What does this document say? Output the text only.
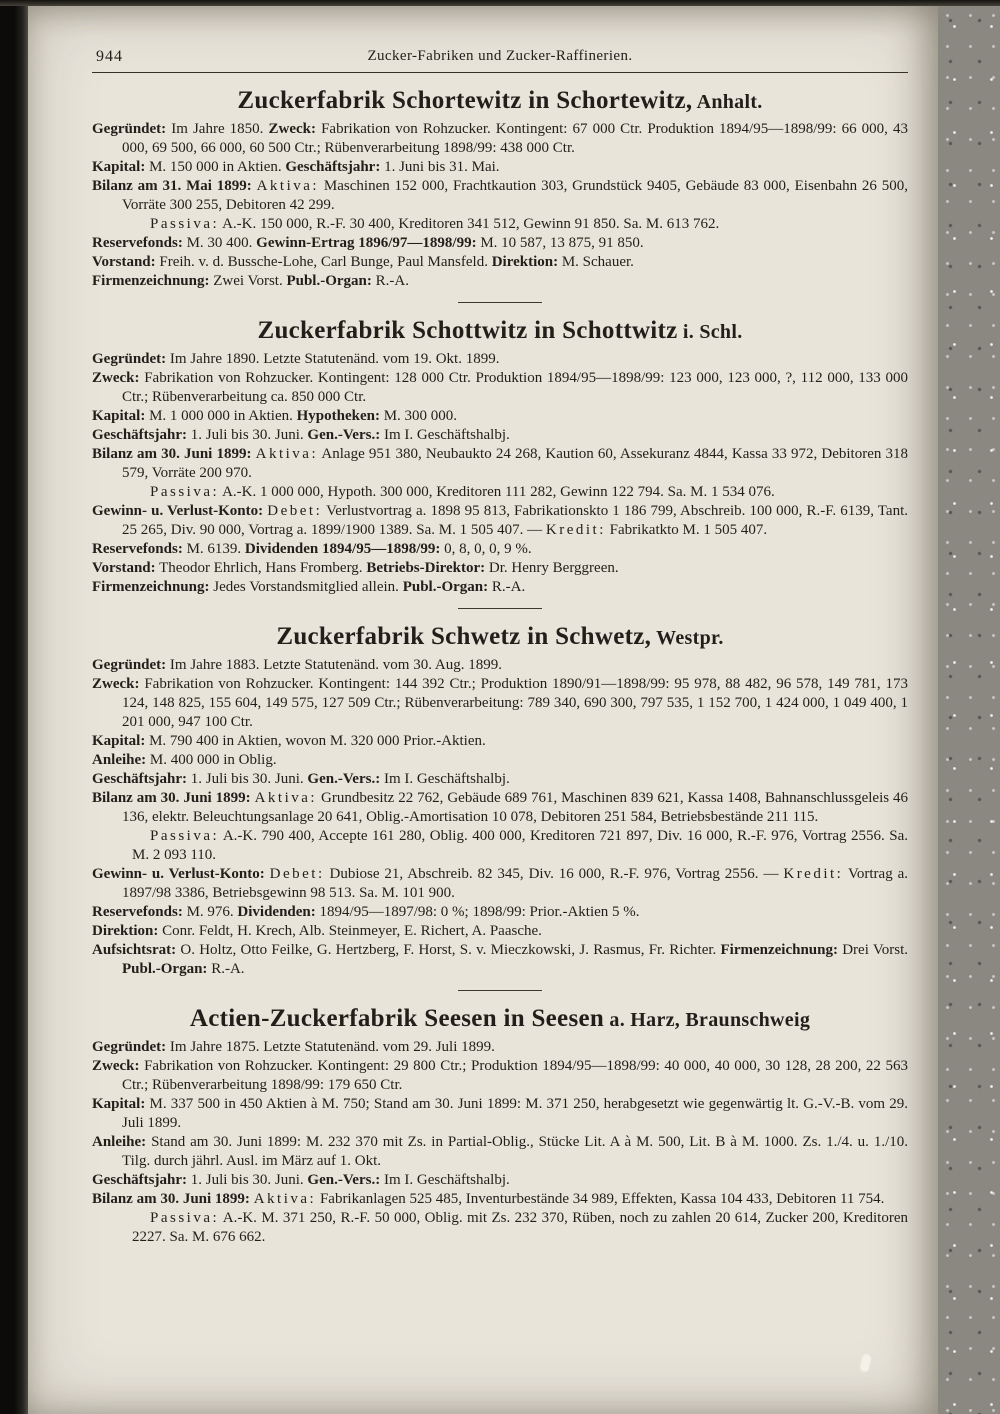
944	Zucker-Fabriken und Zucker-Raffinerien.
Zuckerfabrik Schortewitz in Schortewitz, Anhalt.

Gegründet: Im Jahre 1850. Zweck: Fabrikation von Rohzucker. Kontingent: 67 000 Ctr. Produktion 1894/95—1898/99: 66 000, 43 000, 69 500, 66 000, 60 500 Ctr.; Rübenverarbeitung 1898/99: 438 000 Ctr.

Kapital: M. 150 000 in Aktien. Geschäftsjahr: 1. Juni bis 31. Mai.

Bilanz am 31. Mai 1899: Aktiva: Maschinen 152 000, Frachtkaution 303, Grundstück 9405, Gebäude 83 000, Eisenbahn 26 500, Vorräte 300 255, Debitoren 42 299.

Passiva: A.-K. 150 000, R.-F. 30 400, Kreditoren 341 512, Gewinn 91 850. Sa. M. 613 762.

Reservefonds: M. 30 400. Gewinn-Ertrag 1896/97—1898/99: M. 10 587, 13 875, 91 850.

Vorstand: Freih. v. d. Bussche-Lohe, Carl Bunge, Paul Mansfeld. Direktion: M. Schauer.

Firmenzeichnung: Zwei Vorst. Publ.-Organ: R.-A.

Zuckerfabrik Schottwitz in Schottwitz i. Schl.

Gegründet: Im Jahre 1890. Letzte Statutenänd. vom 19. Okt. 1899.

Zweck: Fabrikation von Rohzucker. Kontingent: 128 000 Ctr. Produktion 1894/95—1898/99: 123 000, 123 000, ?, 112 000, 133 000 Ctr.; Rübenverarbeitung ca. 850 000 Ctr.

Kapital: M. 1 000 000 in Aktien. Hypotheken: M. 300 000.

Geschäftsjahr: 1. Juli bis 30. Juni. Gen.-Vers.: Im I. Geschäftshalbj.

Bilanz am 30. Juni 1899: Aktiva: Anlage 951 380, Neubaukto 24 268, Kaution 60, Assekuranz 4844, Kassa 33 972, Debitoren 318 579, Vorräte 200 970.

Passiva: A.-K. 1 000 000, Hypoth. 300 000, Kreditoren 111 282, Gewinn 122 794. Sa. M. 1 534 076.

Gewinn- u. Verlust-Konto: Debet: Verlustvortrag a. 1898 95 813, Fabrikationskto 1 186 799, Abschreib. 100 000, R.-F. 6139, Tant. 25 265, Div. 90 000, Vortrag a. 1899/1900 1389. Sa. M. 1 505 407. — Kredit: Fabrikatkto M. 1 505 407.

Reservefonds: M. 6139. Dividenden 1894/95—1898/99: 0, 8, 0, 0, 9 %.

Vorstand: Theodor Ehrlich, Hans Fromberg. Betriebs-Direktor: Dr. Henry Berggreen.

Firmenzeichnung: Jedes Vorstandsmitglied allein. Publ.-Organ: R.-A.

Zuckerfabrik Schwetz in Schwetz, Westpr.

Gegründet: Im Jahre 1883. Letzte Statutenänd. vom 30. Aug. 1899.

Zweck: Fabrikation von Rohzucker. Kontingent: 144 392 Ctr.; Produktion 1890/91—1898/99: 95 978, 88 482, 96 578, 149 781, 173 124, 148 825, 155 604, 149 575, 127 509 Ctr.; Rübenverarbeitung: 789 340, 690 300, 797 535, 1 152 700, 1 424 000, 1 049 400, 1 201 000, 947 100 Ctr.

Kapital: M. 790 400 in Aktien, wovon M. 320 000 Prior.-Aktien.

Anleihe: M. 400 000 in Oblig.

Geschäftsjahr: 1. Juli bis 30. Juni. Gen.-Vers.: Im I. Geschäftshalbj.

Bilanz am 30. Juni 1899: Aktiva: Grundbesitz 22 762, Gebäude 689 761, Maschinen 839 621, Kassa 1408, Bahnanschlussgeleis 46 136, elektr. Beleuchtungsanlage 20 641, Oblig.-Amortisation 10 078, Debitoren 251 584, Betriebsbestände 211 115.

Passiva: A.-K. 790 400, Accepte 161 280, Oblig. 400 000, Kreditoren 721 897, Div. 16 000, R.-F. 976, Vortrag 2556. Sa. M. 2 093 110.

Gewinn- u. Verlust-Konto: Debet: Dubiose 21, Abschreib. 82 345, Div. 16 000, R.-F. 976, Vortrag 2556. — Kredit: Vortrag a. 1897/98 3386, Betriebsgewinn 98 513. Sa. M. 101 900.

Reservefonds: M. 976. Dividenden: 1894/95—1897/98: 0 %; 1898/99: Prior.-Aktien 5 %.

Direktion: Conr. Feldt, H. Krech, Alb. Steinmeyer, E. Richert, A. Paasche.

Aufsichtsrat: O. Holtz, Otto Feilke, G. Hertzberg, F. Horst, S. v. Mieczkowski, J. Rasmus, Fr. Richter. Firmenzeichnung: Drei Vorst. Publ.-Organ: R.-A.

Actien-Zuckerfabrik Seesen in Seesen a. Harz, Braunschweig

Gegründet: Im Jahre 1875. Letzte Statutenänd. vom 29. Juli 1899.

Zweck: Fabrikation von Rohzucker. Kontingent: 29 800 Ctr.; Produktion 1894/95—1898/99: 40 000, 40 000, 30 128, 28 200, 22 563 Ctr.; Rübenverarbeitung 1898/99: 179 650 Ctr.

Kapital: M. 337 500 in 450 Aktien à M. 750; Stand am 30. Juni 1899: M. 371 250, herabgesetzt wie gegenwärtig lt. G.-V.-B. vom 29. Juli 1899.

Anleihe: Stand am 30. Juni 1899: M. 232 370 mit Zs. in Partial-Oblig., Stücke Lit. A à M. 500, Lit. B à M. 1000. Zs. 1./4. u. 1./10. Tilg. durch jährl. Ausl. im März auf 1. Okt.

Geschäftsjahr: 1. Juli bis 30. Juni. Gen.-Vers.: Im I. Geschäftshalbj.

Bilanz am 30. Juni 1899: Aktiva: Fabrikanlagen 525 485, Inventurbestände 34 989, Effekten, Kassa 104 433, Debitoren 11 754.

Passiva: A.-K. M. 371 250, R.-F. 50 000, Oblig. mit Zs. 232 370, Rüben, noch zu zahlen 20 614, Zucker 200, Kreditoren 2227. Sa. M. 676 662.
